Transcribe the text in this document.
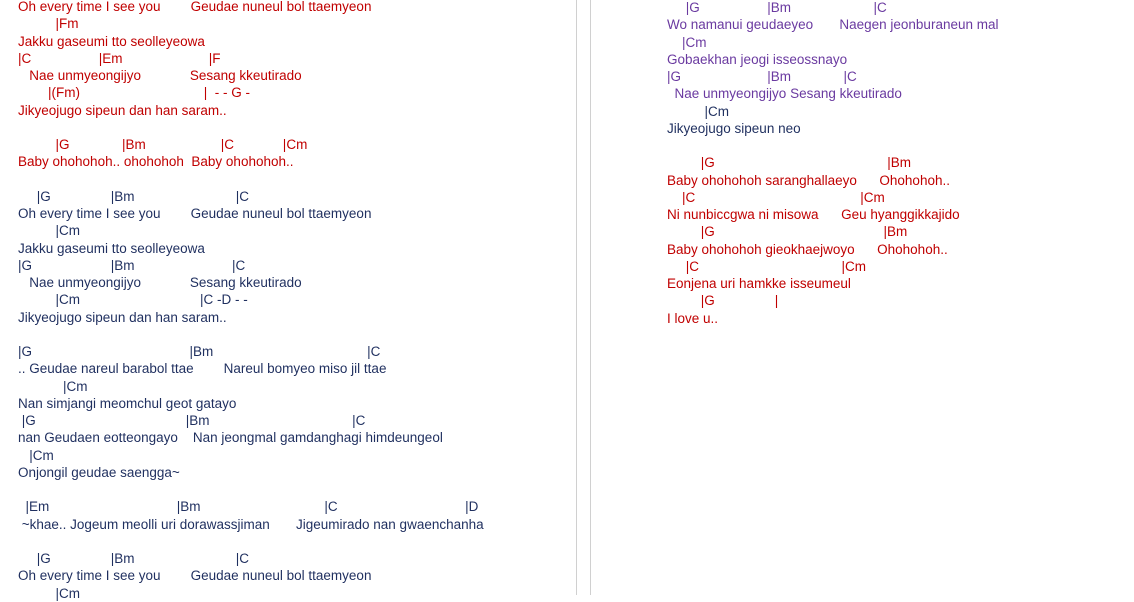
Oh every time I see you        Geudae nuneul bol ttaemyeon
|Fm
Jakku gaseumi tto seolleyeowa
|C                  |Em                       |F
Nae unmyeongijyo             Sesang kkeutirado
|(Fm)                                 |  - - G -
Jikyeojugo sipeun dan han saram..
|G              |Bm                    |C             |Cm
Baby ohohohoh.. ohohohoh  Baby ohohohoh..
|G                |Bm                           |C
Oh every time I see you        Geudae nuneul bol ttaemyeon
|Cm
Jakku gaseumi tto seolleyeowa
|G                     |Bm                          |C
Nae unmyeongijyo             Sesang kkeutirado
|Cm                                |C -D - -
Jikyeojugo sipeun dan han saram..
|G                                          |Bm                                         |C
.. Geudae nareul barabol ttae        Nareul bomyeo miso jil ttae
|Cm
Nan simjangi meomchul geot gatayo
|G                                        |Bm                                      |C
nan Geudaen eotteongayo    Nan jeongmal gamdanghagi himdeungeol
|Cm
Onjongil geudae saengga~
|Em                                  |Bm                                 |C                                  |D
~khae.. Jogeum meolli uri dorawassjiman       Jigeumirado nan gwaenchanha
|G                |Bm                           |C
Oh every time I see you        Geudae nuneul bol ttaemyeon
|Cm
|G                  |Bm                      |C
Wo namanui geudaeyeo       Naegen jeonburaneun mal
|Cm
Gobaekhan jeogi isseossnayo
|G                       |Bm              |C
Nae unmyeongijyo Sesang kkeutirado
|Cm
Jikyeojugo sipeun neo
|G                                              |Bm
Baby ohohohoh saranghallaeyo      Ohohohoh..
|C                                            |Cm
Ni nunbiccgwa ni misowa      Geu hyanggikkajido
|G                                             |Bm
Baby ohohohoh gieokhaejwoyo      Ohohohoh..
|C                                      |Cm
Eonjena uri hamkke isseumeul
|G                |
I love u..
